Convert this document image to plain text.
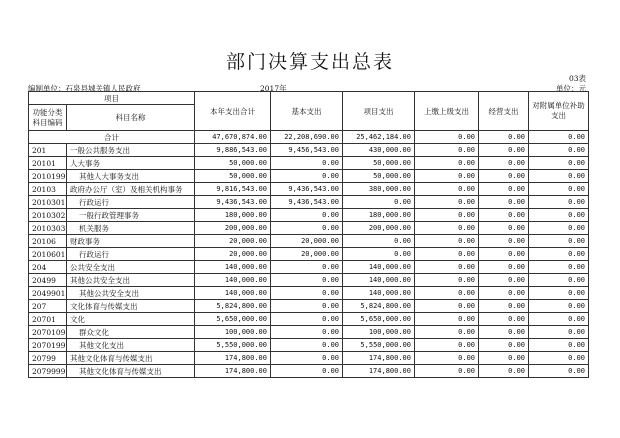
部门决算支出总表
03表
编制单位：石泉县城关镇人民政府	2017年	单位：元
项目		本年支出合计	基本支出	项目支出	上缴上级支出	经营支出	对附属单位补助支出
功能分类科目编码	科目名称						
合计		47,670,874.00	22,208,690.00	25,462,184.00	0.00	0.00	0.00
201	一般公共服务支出	9,886,543.00	9,456,543.00	430,000.00	0.00	0.00	0.00
20101	人大事务	50,000.00	0.00	50,000.00	0.00	0.00	0.00
2010199	其他人大事务支出	50,000.00	0.00	50,000.00	0.00	0.00	0.00
20103	政府办公厅（室）及相关机构事务	9,816,543.00	9,436,543.00	380,000.00	0.00	0.00	0.00
2010301	行政运行	9,436,543.00	9,436,543.00	0.00	0.00	0.00	0.00
2010302	一般行政管理事务	180,000.00	0.00	180,000.00	0.00	0.00	0.00
2010303	机关服务	200,000.00	0.00	200,000.00	0.00	0.00	0.00
20106	财政事务	20,000.00	20,000.00	0.00	0.00	0.00	0.00
2010601	行政运行	20,000.00	20,000.00	0.00	0.00	0.00	0.00
204	公共安全支出	140,000.00	0.00	140,000.00	0.00	0.00	0.00
20499	其他公共安全支出	140,000.00	0.00	140,000.00	0.00	0.00	0.00
2049901	其他公共安全支出	140,000.00	0.00	140,000.00	0.00	0.00	0.00
207	文化体育与传媒支出	5,824,800.00	0.00	5,824,800.00	0.00	0.00	0.00
20701	文化	5,650,000.00	0.00	5,650,000.00	0.00	0.00	0.00
2070109	群众文化	100,000.00	0.00	100,000.00	0.00	0.00	0.00
2070199	其他文化支出	5,550,000.00	0.00	5,550,000.00	0.00	0.00	0.00
20799	其他文化体育与传媒支出	174,800.00	0.00	174,800.00	0.00	0.00	0.00
2079999	其他文化体育与传媒支出	174,800.00	0.00	174,800.00	0.00	0.00	0.00
